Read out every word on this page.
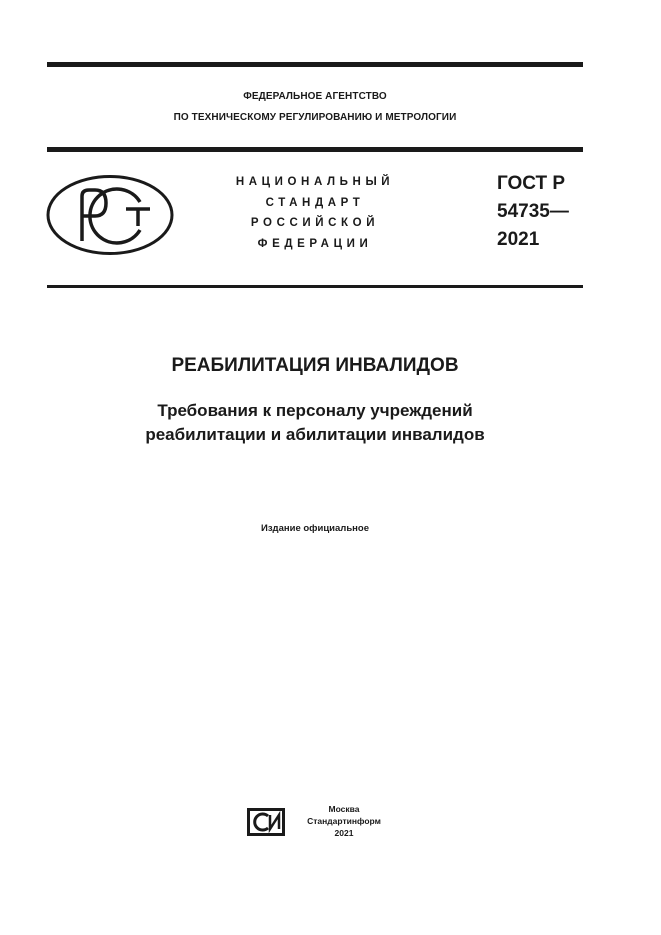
ФЕДЕРАЛЬНОЕ АГЕНТСТВО
ПО ТЕХНИЧЕСКОМУ РЕГУЛИРОВАНИЮ И МЕТРОЛОГИИ
НАЦИОНАЛЬНЫЙ
СТАНДАРТ
РОССИЙСКОЙ
ФЕДЕРАЦИИ
ГОСТ Р
54735—
2021
РЕАБИЛИТАЦИЯ ИНВАЛИДОВ
Требования к персоналу учреждений
реабилитации и абилитации инвалидов
Издание официальное
Москва
Стандартинформ
2021
